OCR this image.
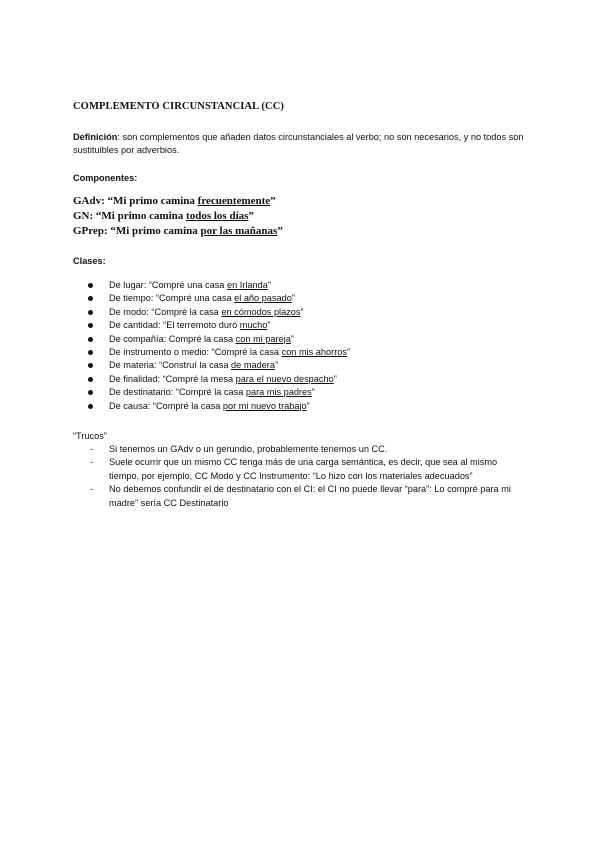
COMPLEMENTO CIRCUNSTANCIAL (CC)
Definición: son complementos que añaden datos circunstanciales al verbo; no son necesarios, y no todos son sustituibles por adverbios.
Componentes:
GAdv: “Mi primo camina frecuentemente”
GN: “Mi primo camina todos los días”
GPrep: “Mi primo camina por las mañanas”
Clases:
De lugar: “Compré una casa en Irlanda”
De tiempo: “Compré una casa el año pasado”
De modo: “Compré la casa en cómodos plazos”
De cantidad: “El terremoto duró mucho”
De compañía: Compré la casa con mi pareja”
De instrumento o medio: “Compré la casa con mis ahorros”
De materia: “Construí la casa de madera”
De finalidad: “Compré la mesa para el nuevo despacho”
De destinatario: “Compré la casa para mis padres”
De causa: “Compré la casa por mi nuevo trabajo”
“Trucos”
- Si tenemos un GAdv o un gerundio, probablemente tenemos un CC.
- Suele ocurrir que un mismo CC tenga más de una carga semántica, es decir, que sea al mismo tiempo, por ejemplo, CC Modo y CC Instrumento: “Lo hizo con los materiales adecuados”
- No debemos confundir el de destinatario con el CI: el CI no puede llevar “para”: Lo compré para mi madre” sería CC Destinatario
